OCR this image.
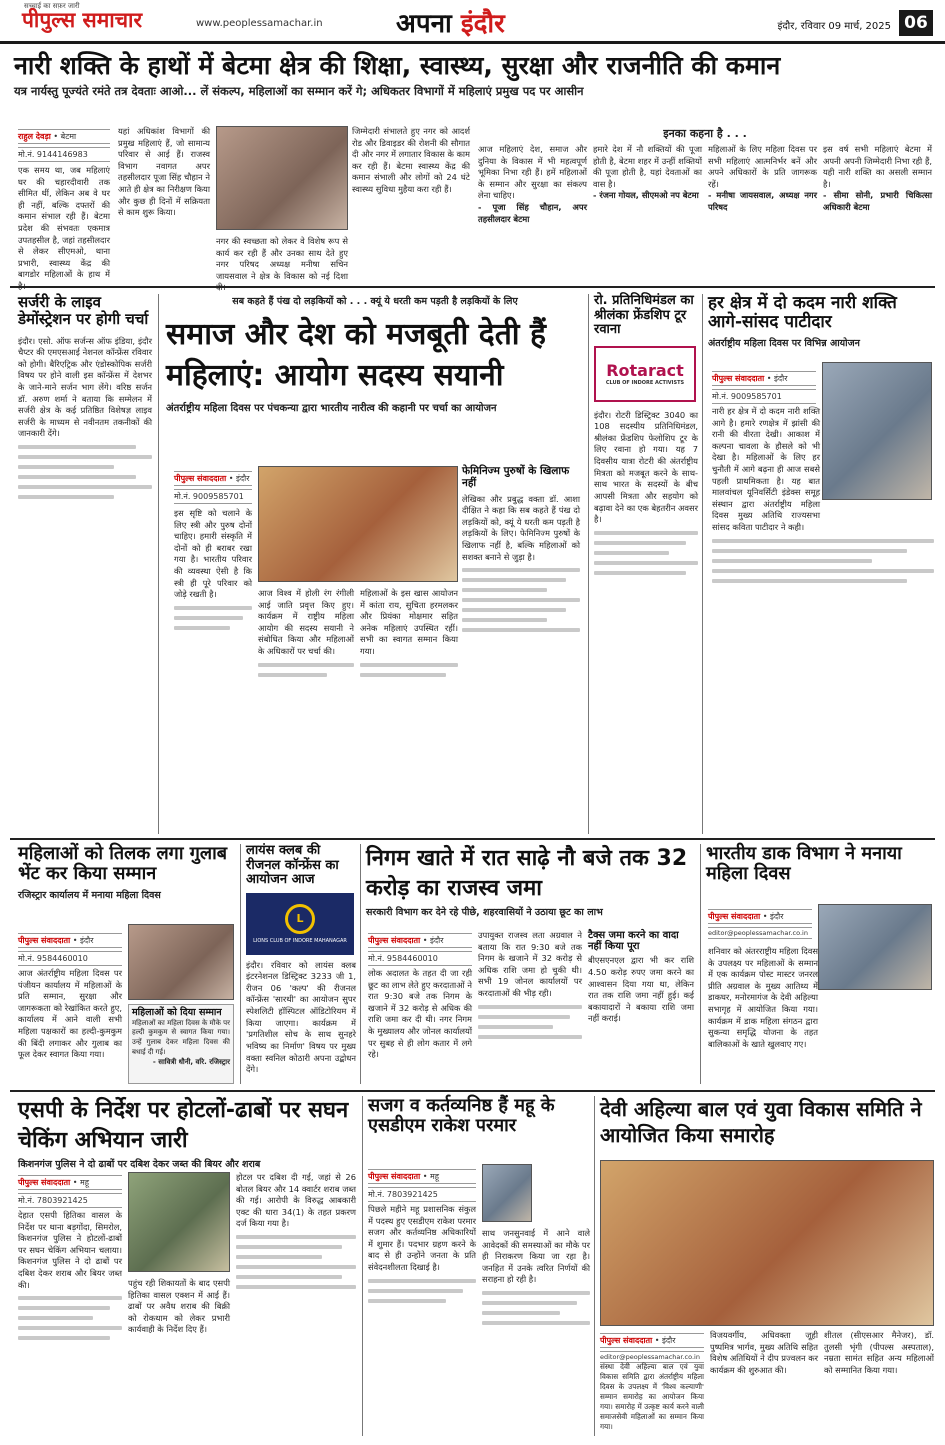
सच्चाई का सफ़र जारी
पीपुल्स समाचार	www.peoplessamachar.in	अपना इंदौर	इंदौर, रविवार 09 मार्च, 2025 06
नारी शक्ति के हाथों में बेटमा क्षेत्र की शिक्षा, स्वास्थ्य, सुरक्षा और राजनीति की कमान
यत्र नार्यस्तु पूज्यंते रमंते तत्र देवताः आओ... लें संकल्प, महिलाओं का सम्मान करें गे; अधिकतर विभागों में महिलाएं प्रमुख पद पर आसीन
राहुल देवड़ा • बेटमा
मो.नं. 9144146983
एक समय था, जब महिलाएं घर की चहारदीवारी तक सीमित थीं, लेकिन अब वे घर ही नहीं, बल्कि दफ्तरों की कमान संभाल रही हैं। बेटमा प्रदेश की संभवतः एकमात्र उपतहसील है, जहां तहसीलदार से लेकर सीएमओ, थाना प्रभारी, स्वास्थ्य केंद्र की बागडोर महिलाओं के हाथ में
यहां अधिकांश विभागों की प्रमुख महिलाएं हैं, जो सामान्य परिवार से आई हैं। राजस्व विभाग नवागत अपर तहसीलदार पूजा सिंह चौहान ने आते ही क्षेत्र का निरीक्षण किया और कुछ ही दिनों में सक्रियता से काम शुरू किया।
नगर की स्वच्छता को लेकर वे विशेष रूप से कार्य कर रही हैं और उनका साथ देते हुए नगर परिषद अध्यक्ष मनीषा सचिन जायसवाल ने क्षेत्र के विकास को नई दिशा
जिम्मेदारी संभालते हुए नगर को आदर्श रोड और डिवाइडर की रोशनी की सौगात दी और नगर में लगातार विकास के काम कर रही हैं। बेटमा स्वास्थ्य केंद्र की कमान संभाली और लोगों को 24 घंटे स्वास्थ्य सुविधा मुहैया करा रही हैं।
इनका कहना है . . .
आज महिलाएं देश, समाज और दुनिया के विकास में भी महत्वपूर्ण भूमिका निभा रही हैं। हमें महिलाओं के सम्मान और सुरक्षा का संकल्प लेना चाहिए।
- पूजा सिंह चौहान, अपर तहसीलदार बेटमा
हमारे देश में नौ शक्तियों की पूजा होती है, बेटमा शहर में उन्हीं शक्तियों की पूजा होती है, यहां देवताओं का वास है।
- रंजना गोयल, सीएमओ नप बेटमा
महिलाओं के लिए महिला दिवस पर सभी महिलाएं आत्मनिर्भर बनें और अपने अधिकारों के प्रति जागरूक रहें।
- मनीषा जायसवाल, अध्यक्ष नगर परिषद
इस वर्ष सभी महिलाएं बेटमा में अपनी अपनी जिम्मेदारी निभा रही हैं, यही नारी शक्ति का असली सम्मान है।
- सीमा सोनी, प्रभारी चिकित्सा अधिकारी बेटमा
सर्जरी के लाइव डेमोंस्ट्रेशन पर होगी चर्चा
इंदौर। एसो. ऑफ सर्जन्स ऑफ इंडिया, इंदौर चैप्टर की एमएसआई नेशनल कॉन्फ्रेंस रविवार को होगी। बैरिएट्रिक और एंडोस्कोपिक सर्जरी विषय पर होने वाली इस कॉन्फ्रेंस में देशभर के जाने-माने सर्जन भाग लेंगे। वरिष्ठ सर्जन डॉ. अरुण शर्मा ने बताया कि सम्मेलन में सर्जरी क्षेत्र के कई प्रतिष्ठित विशेषज्ञ लाइव सर्जरी के माध्यम से नवीनतम तकनीकों की जानकारी देंगे।
सब कहते हैं पंख दो लड़कियों को . . . क्यूं ये धरती कम पड़ती है लड़कियों के लिए
समाज और देश को मजबूती देती हैं महिलाएं: आयोग सदस्य सयानी
अंतर्राष्ट्रीय महिला दिवस पर पंचकन्या द्वारा भारतीय नारीत्व की कहानी पर चर्चा का आयोजन
पीपुल्स संवाददाता • इंदौर
मो.नं. 9009585701
फेमिनिज्म पुरुषों के खिलाफ नहीं
लेखिका और प्रबुद्ध वक्ता डॉ. आशा दीक्षित ने कहा कि सब कहते हैं पंख दो लड़कियों को, क्यूं ये धरती कम पड़ती है लड़कियों के लिए। फेमिनिज्म पुरुषों के खिलाफ नहीं है, बल्कि महिलाओं को सशक्त बनाने से जुड़ा है।
इस सृष्टि को चलाने के लिए स्त्री और पुरुष दोनों चाहिए। हमारी संस्कृति में दोनों को ही बराबर रखा गया है। भारतीय परिवार की व्यवस्था ऐसी है कि स्त्री ही पूरे परिवार को जोड़े रखती है।	आज विश्व में होली रंग रंगीली आई जाति प्रवृत्त किए हुए। कार्यक्रम में राष्ट्रीय महिला आयोग की सदस्य सयानी ने संबोधित किया और महिलाओं के अधिकारों पर चर्चा की।
महिलाओं के इस खास आयोजन में कांता राय, सुचिता हरमलकर और प्रियंका मोक्षमार सहित अनेक महिलाएं उपस्थित रहीं। सभी का स्वागत सम्मान किया गया।
रो. प्रतिनिधिमंडल का श्रीलंका फ्रेंडशिप टूर रवाना
Rotaract
CLUB OF INDORE ACTIVISTS
इंदौर। रोटरी डिस्ट्रिक्ट 3040 का 108 सदस्यीय प्रतिनिधिमंडल, श्रीलंका फ्रेंडशिप फेलोशिप टूर के लिए रवाना हो गया। यह 7 दिवसीय यात्रा रोटरी की अंतर्राष्ट्रीय मित्रता को मजबूत करने के साथ-साथ भारत के सदस्यों के बीच आपसी मित्रता और सहयोग को बढ़ावा देने का एक बेहतरीन अवसर है।
हर क्षेत्र में दो कदम नारी शक्ति आगे-सांसद पाटीदार
अंतर्राष्ट्रीय महिला दिवस पर विभिन्न आयोजन
पीपुल्स संवाददाता • इंदौर
मो.नं. 9009585701
नारी हर क्षेत्र में दो कदम नारी शक्ति आगे है। हमारे रणक्षेत्र में झांसी की रानी की वीरता देखी। आकाश में कल्पना चावला के हौसले को भी देखा है। महिलाओं के लिए हर चुनौती में आगे बढ़ना ही आज सबसे पहली प्राथमिकता है। यह बात मालवांचल यूनिवर्सिटी इंडेक्स समूह संस्थान द्वारा अंतर्राष्ट्रीय महिला दिवस मुख्य अतिथि राज्यसभा सांसद कविता पाटीदार ने कही।
महिलाओं को तिलक लगा गुलाब भेंट कर किया सम्मान
रजिस्ट्रार कार्यालय में मनाया महिला दिवस
पीपुल्स संवाददाता • इंदौर
मो.नं. 9584460010
आज अंतर्राष्ट्रीय महिला दिवस पर पंजीयन कार्यालय में महिलाओं के प्रति सम्मान, सुरक्षा और जागरूकता को रेखांकित करते हुए, कार्यालय में आने वाली सभी महिला पक्षकारों का हल्दी-कुमकुम की बिंदी लगाकर और गुलाब का फूल देकर स्वागत किया गया।
महिलाओं को दिया सम्मान
महिलाओं का महिला दिवस के मौके पर हल्दी कुमकुम से स्वागत किया गया। उन्हें गुलाब देकर महिला दिवस की बधाई दी गई।
- सावित्री धौनी, वरि. रजिस्ट्रार
लायंस क्लब की रीजनल कॉन्फ्रेंस का आयोजन आज
L
LIONS CLUB OF INDORE MAHANAGAR
इंदौर। रविवार को लायंस क्लब इंटरनेशनल डिस्ट्रिक्ट 3233 जी 1, रीजन 06 'कल्प' की रीजनल कॉन्फ्रेंस 'सारथी' का आयोजन सुपर स्पेशलिटी हॉस्पिटल ऑडिटोरियम में किया जाएगा। कार्यक्रम में 'प्रगतिशील सोच के साथ सुनहरे भविष्य का निर्माण' विषय पर मुख्य वक्ता स्वनिल कोठारी अपना उद्बोधन देंगे।
निगम खाते में रात साढ़े नौ बजे तक 32 करोड़ का राजस्व जमा
सरकारी विभाग कर देने रहे पीछे, शहरवासियों ने उठाया छूट का लाभ
पीपुल्स संवाददाता • इंदौर
मो.नं. 9584460010
लोक अदालत के तहत दी जा रही छूट का लाभ लेते हुए करदाताओं ने रात 9:30 बजे तक निगम के खजाने में 32 करोड़ से अधिक की राशि जमा कर दी थी। नगर निगम के मुख्यालय और जोनल कार्यालयों पर सुबह से ही लोग कतार में लगे रहे।
उपायुक्त राजस्व लता अग्रवाल ने बताया कि रात 9:30 बजे तक निगम के खजाने में 32 करोड़ से अधिक राशि जमा हो चुकी थी। सभी 19 जोनल कार्यालयों पर करदाताओं की भीड़ रही।
टैक्स जमा करने का वादा नहीं किया पूरा
बीएसएनएल द्वारा भी कर राशि 4.50 करोड़ रुपए जमा करने का आश्वासन दिया गया था, लेकिन रात तक राशि जमा नहीं हुई। कई बकायादारों ने बकाया राशि जमा नहीं कराई।
भारतीय डाक विभाग ने मनाया महिला दिवस
पीपुल्स संवाददाता • इंदौर
editor@peoplessamachar.co.in
शनिवार को अंतरराष्ट्रीय महिला दिवस के उपलक्ष्य पर महिलाओं के सम्मान में एक कार्यक्रम पोस्ट मास्टर जनरल प्रीति अग्रवाल के मुख्य आतिथ्य में डाकघर, मनोरमागंज के देवी अहिल्या सभागृह में आयोजित किया गया। कार्यक्रम में डाक महिला संगठन द्वारा सुकन्या समृद्धि योजना के तहत बालिकाओं के खाते खुलवाए गए।
एसपी के निर्देश पर होटलों-ढाबों पर सघन चेकिंग अभियान जारी
किशनगंज पुलिस ने दो ढाबों पर दबिश देकर जब्त की बियर और शराब
पीपुल्स संवाददाता • महू
मो.नं. 7803921425
देहात एसपी हितिका वासल के निर्देश पर थाना बड़गोंदा, सिमरोल, किशनगंज पुलिस ने होटलों-ढाबों पर सघन चेकिंग अभियान चलाया। किशनगंज पुलिस ने दो ढाबों पर दबिश देकर शराब और बियर जब्त की।	पहुंच रही शिकायतों के बाद एसपी हितिका वासल एक्शन में आई हैं। ढाबों पर अवैध शराब की बिक्री को रोकथाम को लेकर प्रभारी कार्यवाही के निर्देश दिए हैं।
होटल पर दबिश दी गई, जहां से 26 बोतल बियर और 14 क्वार्टर शराब जब्त की गई। आरोपी के विरुद्ध आबकारी एक्ट की धारा 34(1) के तहत प्रकरण दर्ज किया गया है।
सजग व कर्तव्यनिष्ठ हैं महू के एसडीएम राकेश परमार
पीपुल्स संवाददाता • महू
मो.नं. 7803921425
पिछले महीने महू प्रशासनिक संकुल में पदस्थ हुए एसडीएम राकेश परमार सजग और कर्तव्यनिष्ठ अधिकारियों में शुमार हैं। पदभार ग्रहण करने के बाद से ही उन्होंने जनता के प्रति संवेदनशीलता दिखाई है।
साथ जनसुनवाई में आने वाले आवेदकों की समस्याओं का मौके पर ही निराकरण किया जा रहा है। जनहित में उनके त्वरित निर्णयों की सराहना हो रही है।
देवी अहिल्या बाल एवं युवा विकास समिति ने आयोजित किया समारोह
पीपुल्स संवाददाता • इंदौर
editor@peoplessamachar.co.in
संस्था देवी अहिल्या बाल एवं युवा विकास समिति द्वारा अंतर्राष्ट्रीय महिला दिवस के उपलक्ष्य में 'विश्व कल्याणी' सम्मान समारोह का आयोजन किया गया। समारोह में उत्कृष्ट कार्य करने वाली समाजसेवी महिलाओं का सम्मान किया गया।
विजयवर्गीय, अधिवक्ता जूही पुष्पमित्र भार्गव, मुख्य अतिथि सहित विशेष अतिथियों ने दीप प्रज्वलन कर कार्यक्रम की शुरुआत की।
शीतल (सीएसआर मैनेजर), डॉ. तुलसी भृंगी (पीपल्स अस्पताल), नम्रता सामंत सहित अन्य महिलाओं को सम्मानित किया गया।
